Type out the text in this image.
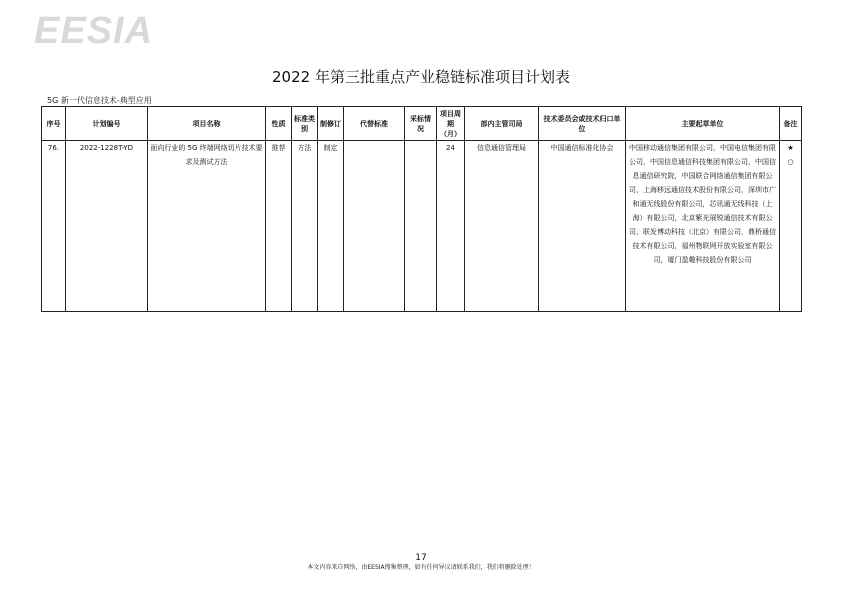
EESIA
2022 年第三批重点产业稳链标准项目计划表
5G 新一代信息技术-典型应用
序号	计划编号	项目名称	性质	标准类别	制修订	代替标准	采标情况	项目周期（月）	部内主管司局	技术委员会或技术归口单位	主要起草单位	备注
76.	2022-1228T-YD	面向行业的 5G 终端网络切片技术要求及测试方法	推荐	方法	制定			24	信息通信管理局	中国通信标准化协会	中国移动通信集团有限公司，中国电信集团有限公司，中国信息通信科技集团有限公司，中国信息通信研究院，中国联合网络通信集团有限公司，上海移远通信技术股份有限公司，深圳市广和通无线股份有限公司，芯讯通无线科技（上海）有限公司，北京紫光展锐通信技术有限公司，联发博动科技（北京）有限公司，鼎桥通信技术有限公司，福州物联网开放实验室有限公司，厦门盈趣科技股份有限公司	★
○
17
本文内容来自网络，由EESIA搜集整理，如有任何异议请联系我们，我们将删除处理！
